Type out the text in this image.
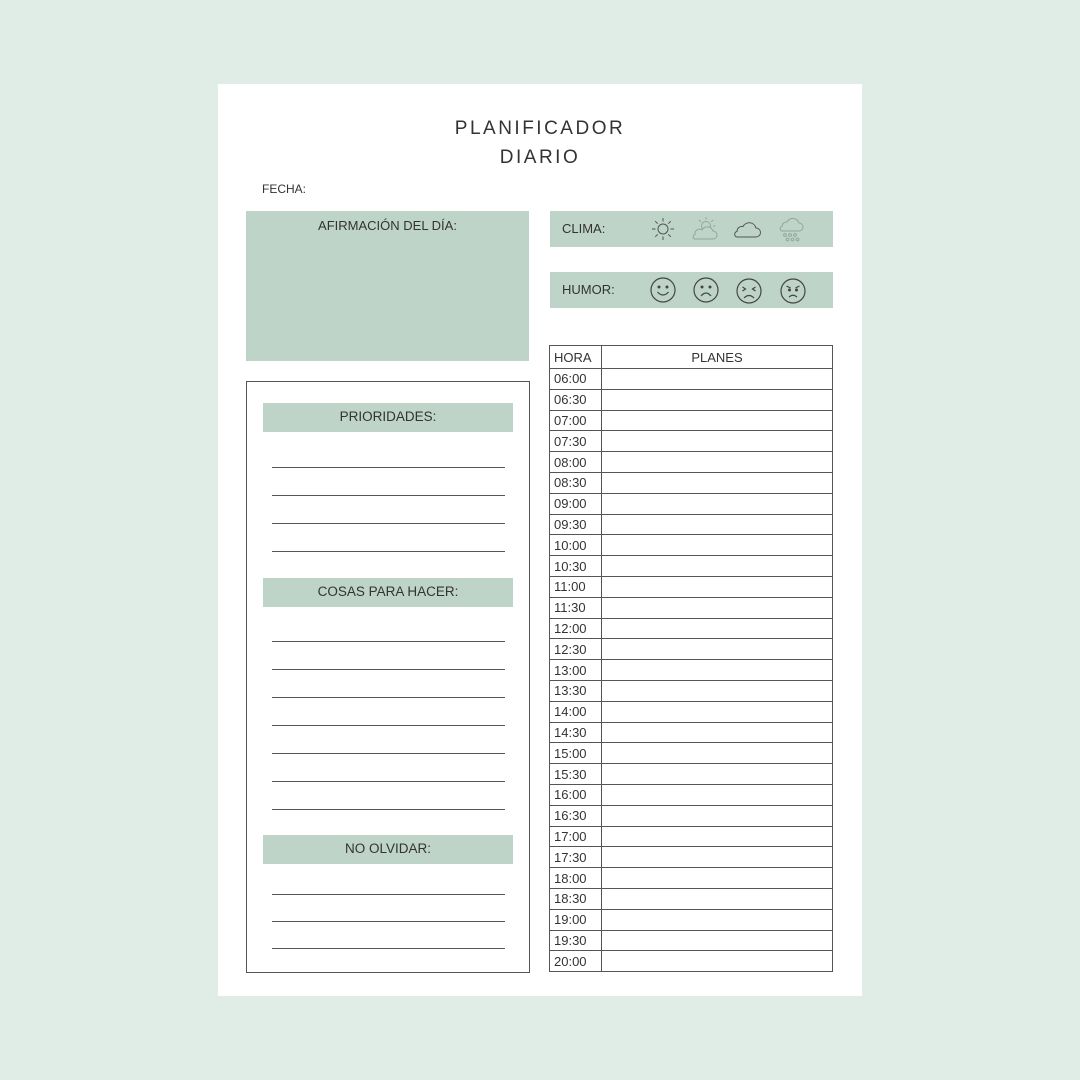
PLANIFICADOR
DIARIO
FECHA:
AFIRMACIÓN DEL DÍA:	CLIMA:
HUMOR:
PRIORIDADES:
COSAS PARA HACER:
NO OLVIDAR:
HORA	PLANES
06:00	
06:30	
07:00	
07:30	
08:00	
08:30	
09:00	
09:30	
10:00	
10:30	
11:00	
11:30	
12:00	
12:30	
13:00	
13:30	
14:00	
14:30	
15:00	
15:30	
16:00	
16:30	
17:00	
17:30	
18:00	
18:30	
19:00	
19:30	
20:00	
